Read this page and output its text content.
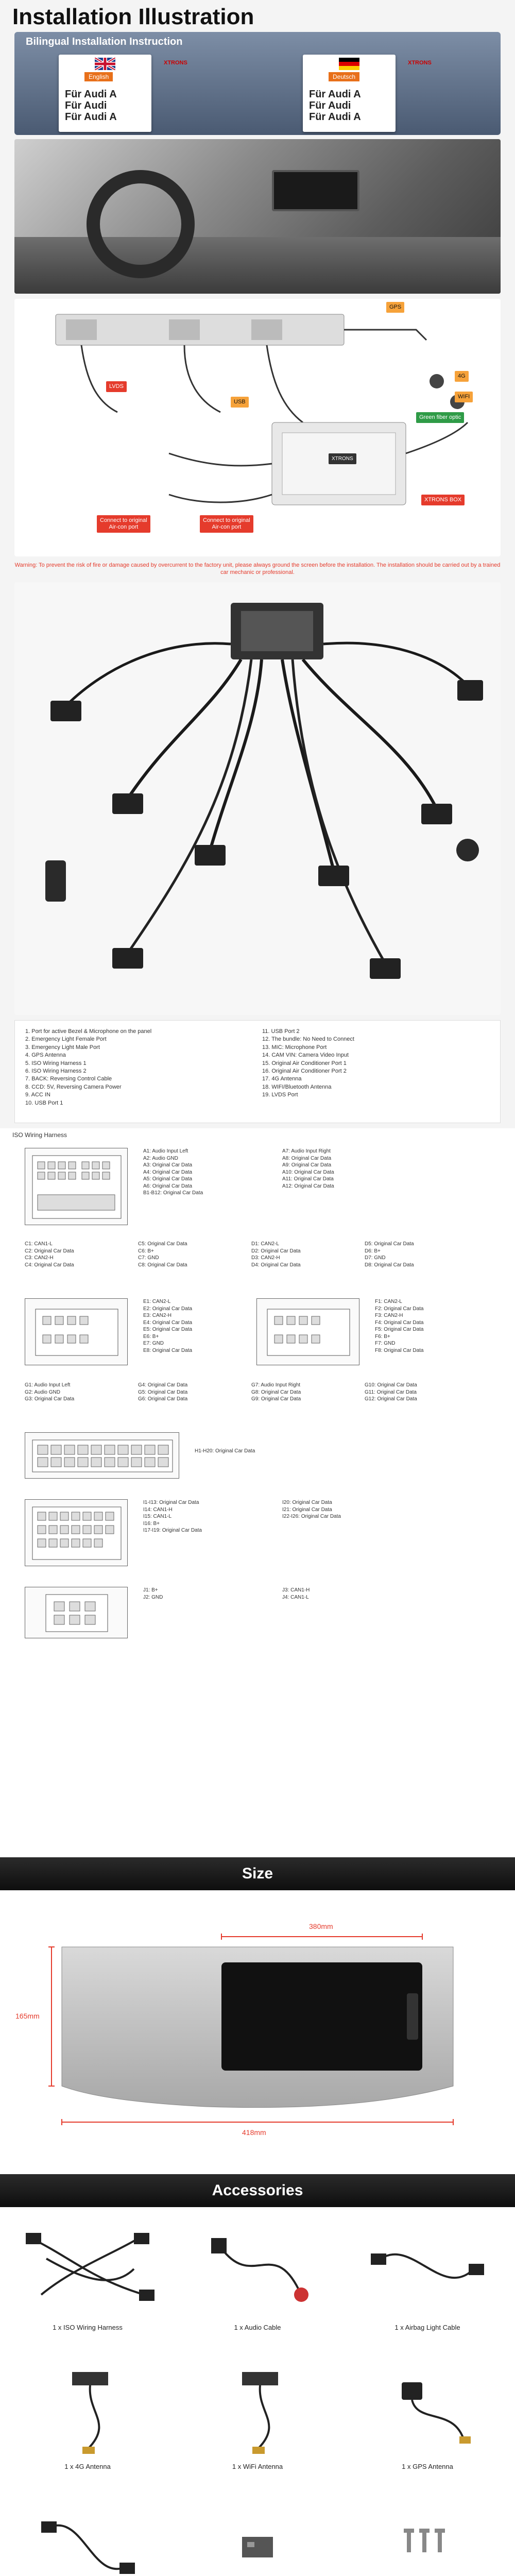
Installation Illustration
Bilingual Installation Instruction
English
Für Audi A
Für Audi
Für Audi A
XTRONS
Deutsch
Für Audi A
Für Audi
Für Audi A
XTRONS
GPS
LVDS
4G
WIFI
Green fiber optic
USB
Connect to original
Air-con port
Connect to original
Air-con port
XTRONS BOX
XTRONS
Warning: To prevent the risk of fire or damage caused by overcurrent to the factory unit, please always ground the screen before the installation. The installation should be carried out by a trained car mechanic or professional.
1. Port for active Bezel & Microphone on the panel
2. Emergency Light Female Port
3. Emergency Light Male Port
4. GPS Antenna
5. ISO Wiring Harness 1
6. ISO Wiring Harness 2
7. BACK: Reversing Control Cable
8. CCD: 5V, Reversing Camera Power
9. ACC IN
10. USB Port 1
11. USB Port 2
12. The bundle: No Need to Connect
13. MIC: Microphone Port
14. CAM VIN: Camera Video Input
15. Original Air Conditioner Port 1
16. Original Air Conditioner Port 2
17. 4G Antenna
18. WIFI/Bluetooth Antenna
19. LVDS Port
ISO Wiring Harness
A1: Audio Input Left
A2: Audio GND
A3: Original Car Data
A4: Original Car Data
A5: Original Car Data
A6: Original Car Data
B1-B12: Original Car Data
A7: Audio Input Right
A8: Original Car Data
A9: Original Car Data
A10: Original Car Data
A11: Original Car Data
A12: Original Car Data
C1: CAN1-L
C2: Original Car Data
C3: CAN2-H
C4: Original Car Data
C5: Original Car Data
C6: B+
C7: GND
C8: Original Car Data
D1: CAN2-L
D2: Original Car Data
D3: CAN2-H
D4: Original Car Data
D5: Original Car Data
D6: B+
D7: GND
D8: Original Car Data
E1: CAN2-L
E2: Original Car Data
E3: CAN2-H
E4: Original Car Data
E5: Original Car Data
E6: B+
E7: GND
E8: Original Car Data
F1: CAN2-L
F2: Original Car Data
F3: CAN2-H
F4: Original Car Data
F5: Original Car Data
F6: B+
F7: GND
F8: Original Car Data
G1: Audio Input Left
G2: Audio GND
G3: Original Car Data
G4: Original Car Data
G5: Original Car Data
G6: Original Car Data
G7: Audio Input Right
G8: Original Car Data
G9: Original Car Data
G10: Original Car Data
G11: Original Car Data
G12: Original Car Data
H1-H20: Original Car Data
I1-I13: Original Car Data
I14: CAN1-H
I15: CAN1-L
I16: B+
I17-I19: Original Car Data
I20: Original Car Data
I21: Original Car Data
I22-I26: Original Car Data
J1: B+
J2: GND
J3: CAN1-H
J4: CAN1-L
Size
380mm
165mm
418mm
Accessories
1 x ISO Wiring Harness	1 x Audio Cable	1 x Airbag Light Cable
1 x 4G Antenna	1 x WiFi Antenna	1 x GPS Antenna
